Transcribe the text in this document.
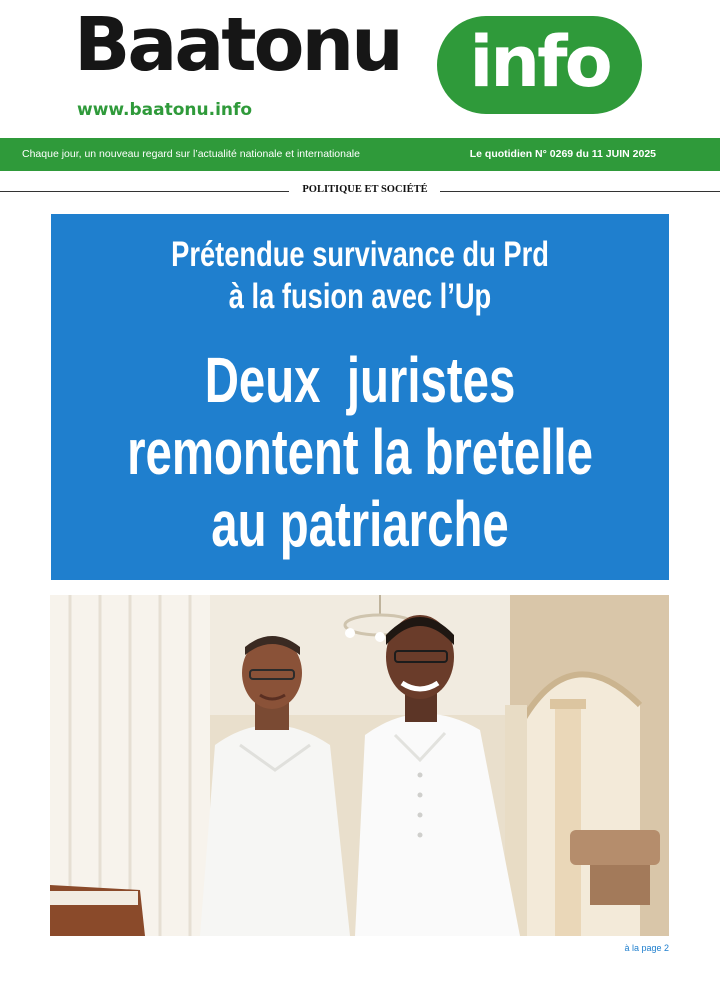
Baatonu info
www.baatonu.info
Chaque jour, un nouveau regard sur l’actualité nationale et internationale	Le quotidien N° 0269 du 11 JUIN 2025
POLITIQUE ET SOCIÉTÉ
Prétendue survivance du Prd
à la fusion avec l’Up
Deux  juristes
remontent la bretelle
au patriarche
à la page 2
